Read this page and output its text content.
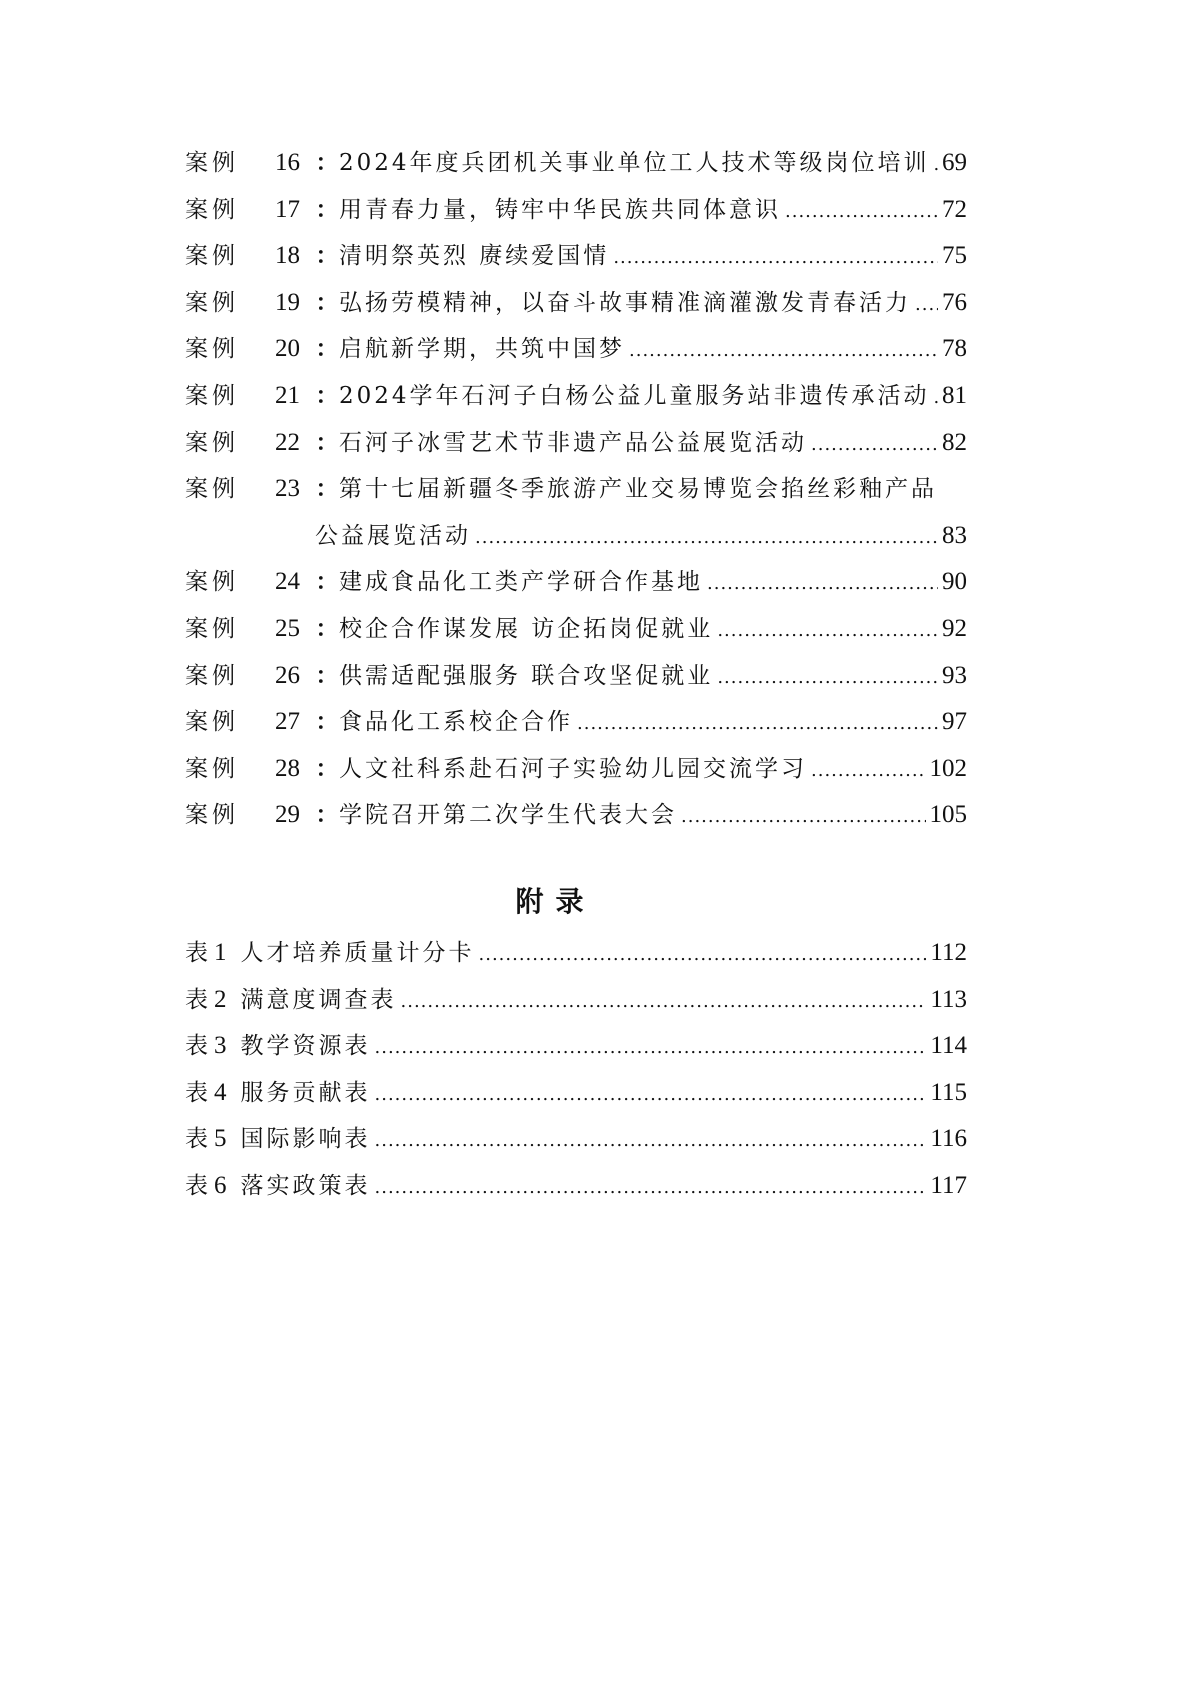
案例	16 ： 2024年度兵团机关事业单位工人技术等级岗位培训 ..... 69
案例	17 ： 用青春力量，铸牢中华民族共同体意识 .....	72
案例	18 ： 清明祭英烈 赓续爱国情 .....	75
案例	19 ： 弘扬劳模精神，以奋斗故事精准滴灌激发青春活力 ..... 76
案例	20 ： 启航新学期，共筑中国梦 .....	78
案例	21 ： 2024学年石河子白杨公益儿童服务站非遗传承活动 ..... 81
案例	22 ： 石河子冰雪艺术节非遗产品公益展览活动 .....	82
案例	23 ： 第十七届新疆冬季旅游产业交易博览会掐丝彩釉产品
公益展览活动 .....	83
案例	24 ： 建成食品化工类产学研合作基地 .....	90
案例	25 ： 校企合作谋发展 访企拓岗促就业 .....	92
案例	26 ： 供需适配强服务 联合攻坚促就业 .....	93
案例	27 ： 食品化工系校企合作 .....	97
案例	28 ： 人文社科系赴石河子实验幼儿园交流学习 .....	102
案例	29 ： 学院召开第二次学生代表大会 .....	105
附录
表 1 人才培养质量计分卡 .....	112
表 2 满意度调查表 .....	113
表 3 教学资源表 .....	114
表 4 服务贡献表 .....	115
表 5 国际影响表 .....	116
表 6 落实政策表 .....	117
